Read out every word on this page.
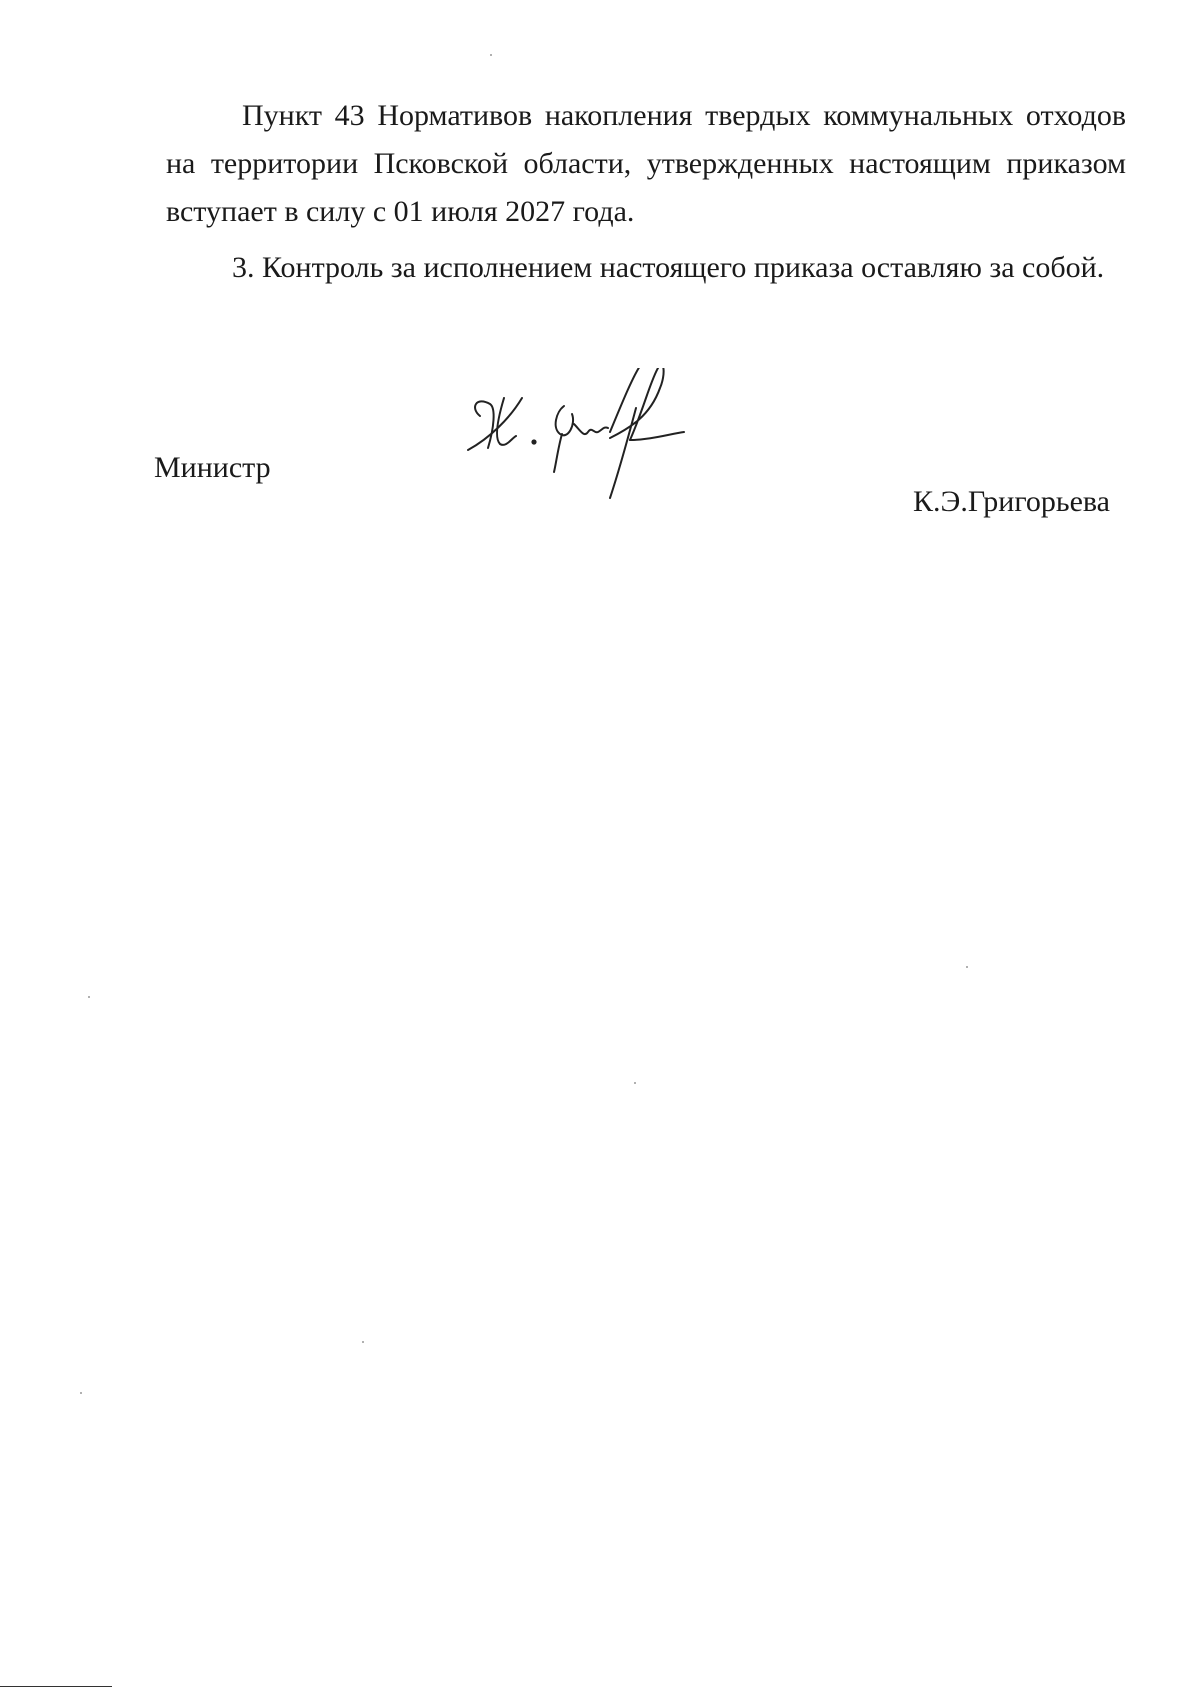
Пункт 43 Нормативов накопления твердых коммунальных отходов на территории Псковской области, утвержденных настоящим приказом вступает в силу с 01 июля 2027 года.

3. Контроль за исполнением настоящего приказа оставляю за собой.

Министр
К.Э.Григорьева
